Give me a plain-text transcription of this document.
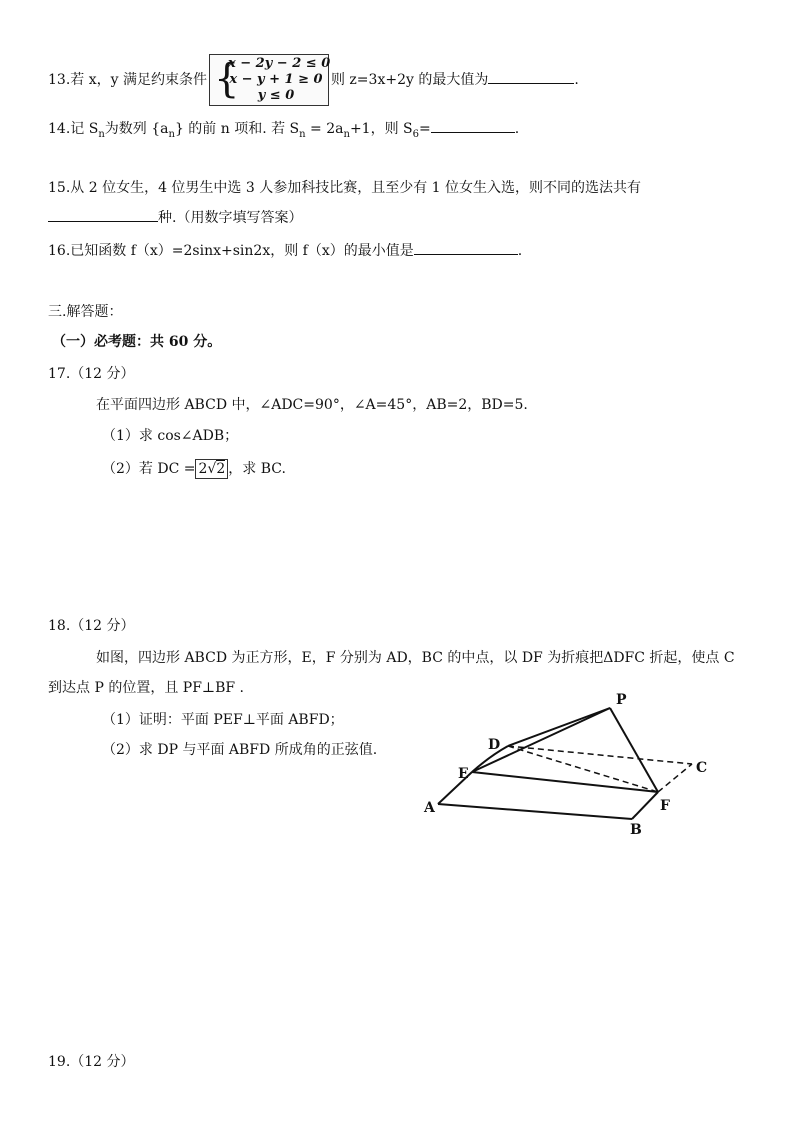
13.若 x，y 满足约束条件 {
x − 2y − 2 ≤ 0
x − y + 1 ≥ 0
y ≤ 0
则 z=3x+2y 的最大值为	.
14.记 $S_n$为数列 $\{a_n\}$ 的前 n 项和. 若 $S_n = 2a_n+1$，则 $S_6=$	.
15.从 2 位女生，4 位男生中选 3 人参加科技比赛，且至少有 1 位女生入选，则不同的选法共有
种.（用数字填写答案）
16.已知函数 f（x）=2sinx+sin2x，则 f（x）的最小值是	.
三.解答题：
（一）必考题：共 60 分。
17.（12 分）
在平面四边形 ABCD 中，∠ADC=90°，∠A=45°，AB=2，BD=5.
（1）求 cos∠ADB；
（2）若 DC = 2√2 ，求 BC.
18.（12 分）
如图，四边形 ABCD 为正方形，E，F 分别为 AD，BC 的中点，以 DF 为折痕把ΔDFC 折起，使点 C
到达点 P 的位置，且 PF⊥BF .
（1）证明：平面 PEF⊥平面 ABFD；
（2）求 DP 与平面 ABFD 所成角的正弦值.
P
D
E
A
B
C
F
19.（12 分）
